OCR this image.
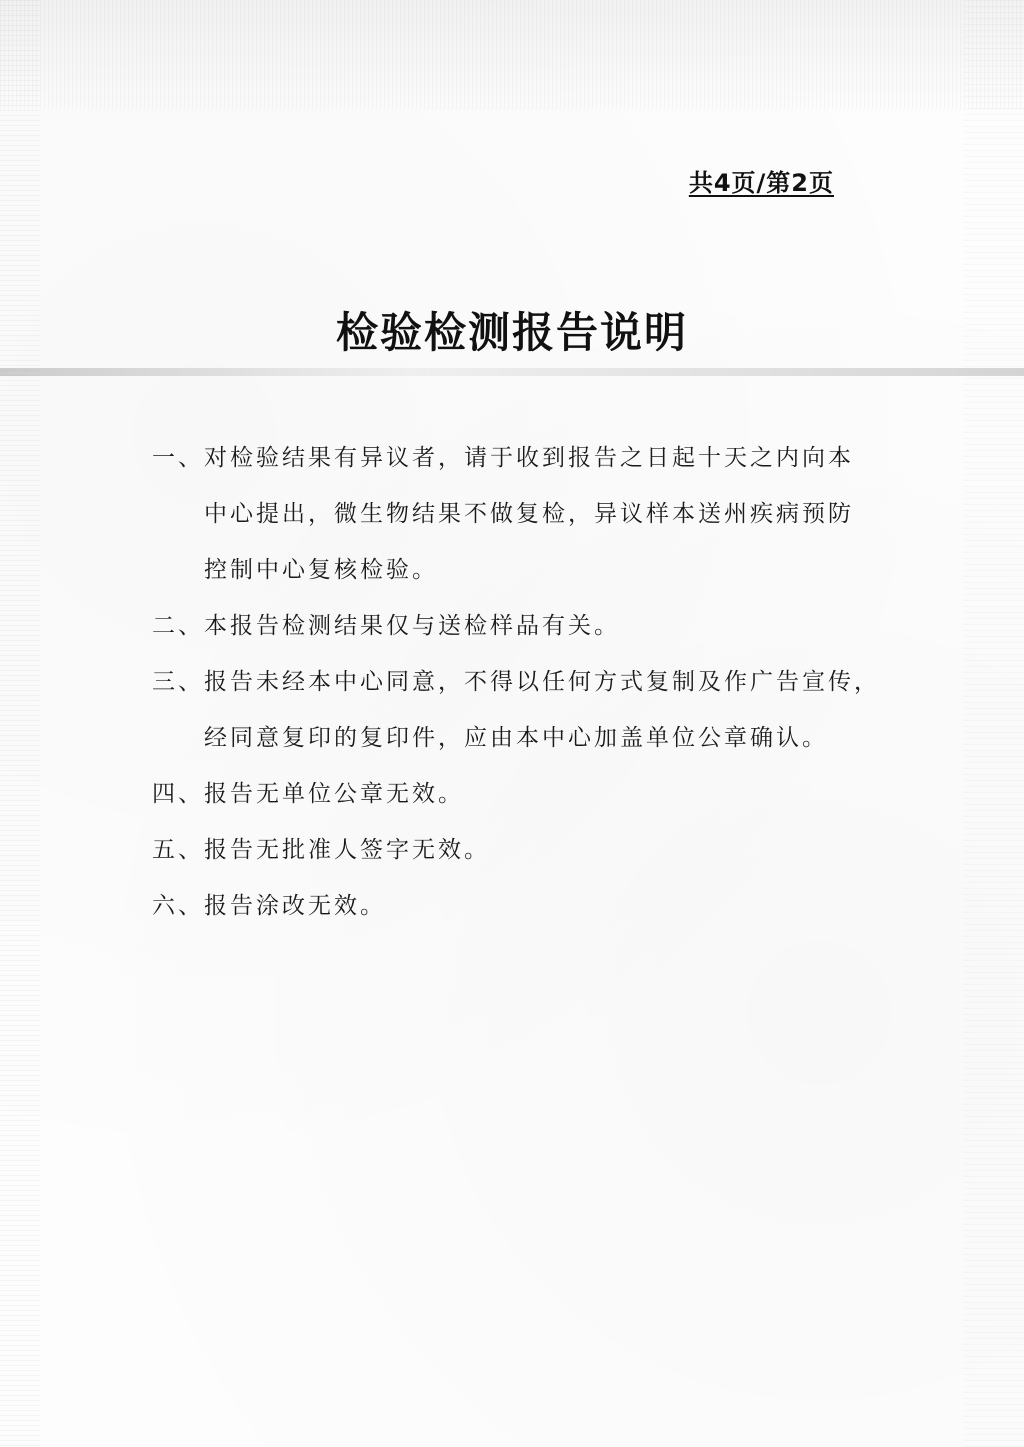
共4页/第2页
检验检测报告说明
一、 对检验结果有异议者，请于收到报告之日起十天之内向本
中心提出，微生物结果不做复检，异议样本送州疾病预防
控制中心复核检验。
二、 本报告检测结果仅与送检样品有关。
三、 报告未经本中心同意，不得以任何方式复制及作广告宣传，
经同意复印的复印件，应由本中心加盖单位公章确认。
四、 报告无单位公章无效。
五、 报告无批准人签字无效。
六、 报告涂改无效。
